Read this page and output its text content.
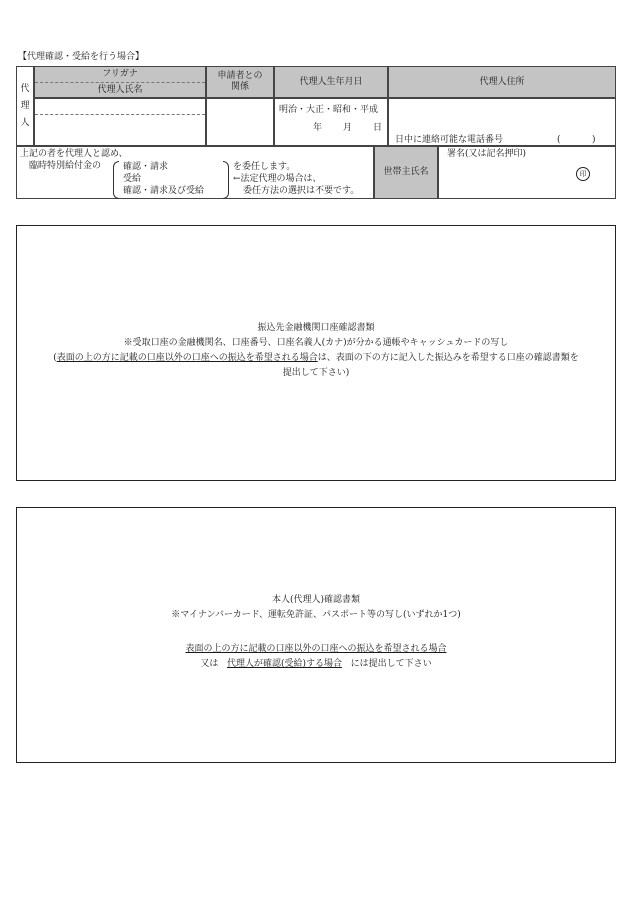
【代理確認・受給を行う場合】
代
理
人
フリガナ
代理人氏名
申請者との
関係
代理人生年月日
明治・大正・昭和・平成
年 月 日
代理人住所
日中に連絡可能な電話番号	(	)
上記の者を代理人と認め、
臨時特別給付金の 確認・請求
受給
確認・請求及び受給
を委任します。
←法定代理の場合は、
委任方法の選択は不要です。
世帯主氏名
署名(又は記名押印)
印
振込先金融機関口座確認書類
※受取口座の金融機関名、口座番号、口座名義人(カナ)が分かる通帳やキャッシュカードの写し
(表面の上の方に記載の口座以外の口座への振込を希望される場合は、表面の下の方に記入した振込みを希望する口座の確認書類を
提出して下さい)
本人(代理人)確認書類
※マイナンバーカード、運転免許証、パスポート等の写し(いずれか1つ)
表面の上の方に記載の口座以外の口座への振込を希望される場合
又は 代理人が確認(受給)する場合 には提出して下さい
